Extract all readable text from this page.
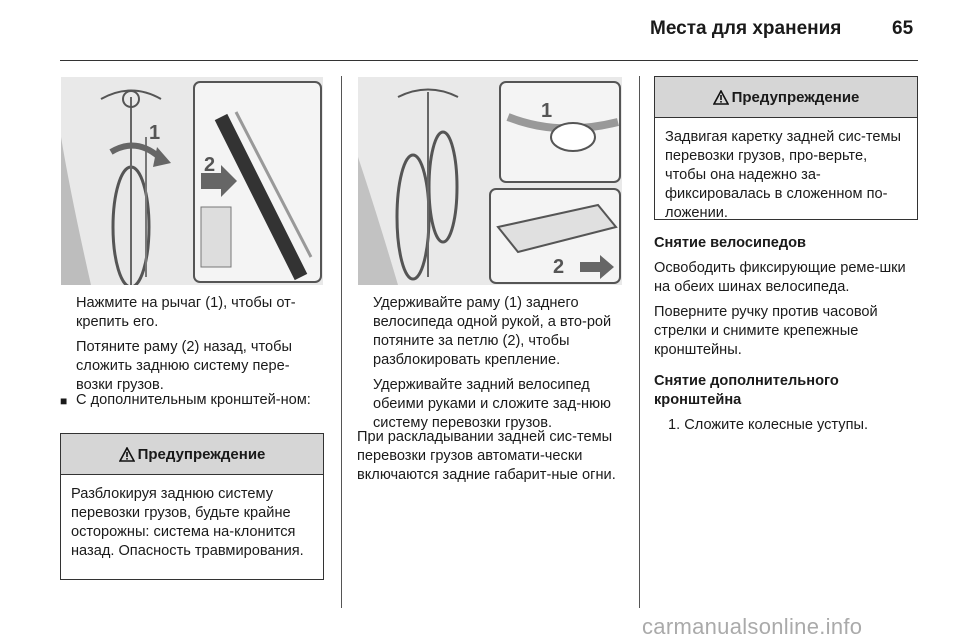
Места для хранения	65
1
2

Нажмите на рычаг (1), чтобы от-крепить его.

Потяните раму (2) назад, чтобы сложить заднюю систему пере-возки грузов.

■ С дополнительным кронштей-ном:
Предупреждение
Разблокируя заднюю систему перевозки грузов, будьте крайне осторожны: система на-клонится назад. Опасность травмирования.
1
2

Удерживайте раму (1) заднего велосипеда одной рукой, а вто-рой потяните за петлю (2), чтобы разблокировать крепление.

Удерживайте задний велосипед обеими руками и сложите зад-нюю систему перевозки грузов.

При раскладывании задней сис-темы перевозки грузов автомати-чески включаются задние габарит-ные огни.
Предупреждение
Задвигая каретку задней сис-темы перевозки грузов, про-верьте, чтобы она надежно за-фиксировалась в сложенном по-ложении.

Снятие велосипедов

Освободить фиксирующие реме-шки на обеих шинах велосипеда.

Поверните ручку против часовой стрелки и снимите крепежные кронштейны.

Снятие дополнительного кронштейна

1. Сложите колесные уступы.

carmanualsonline.info
